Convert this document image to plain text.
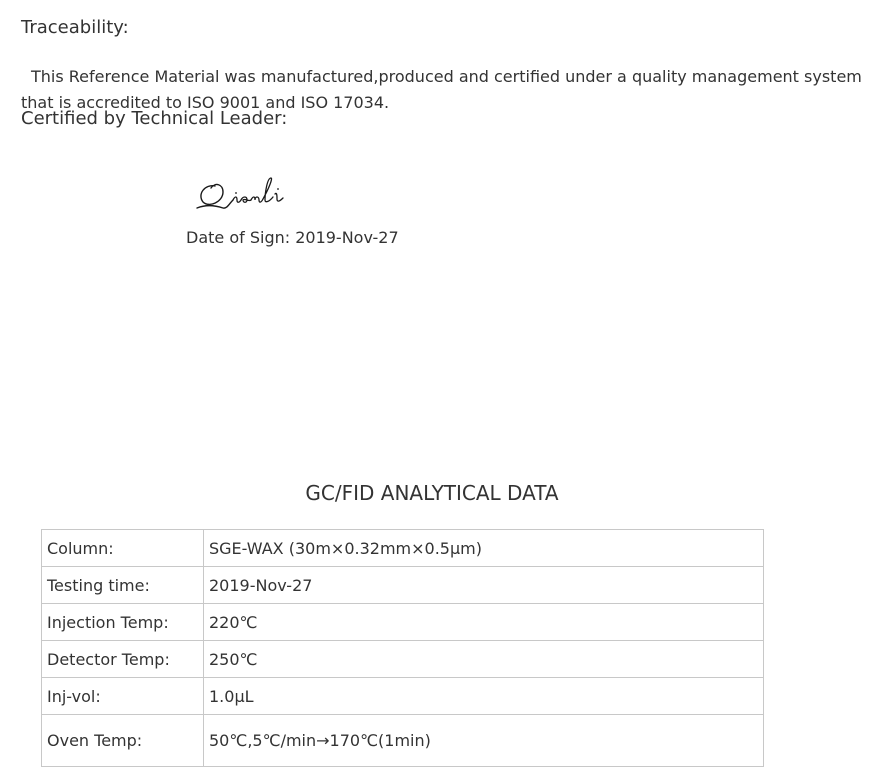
Traceability:
This Reference Material was manufactured,produced and certified under a quality management system
that is accredited to ISO 9001 and ISO 17034.
Certified by Technical Leader:
Date of Sign: 2019-Nov-27
GC/FID ANALYTICAL DATA
Column:	SGE-WAX (30m×0.32mm×0.5μm)
Testing time:	2019-Nov-27
Injection Temp:	220℃
Detector Temp:	250℃
Inj-vol:	1.0μL
Oven Temp:	50℃,5℃/min→170℃(1min)
